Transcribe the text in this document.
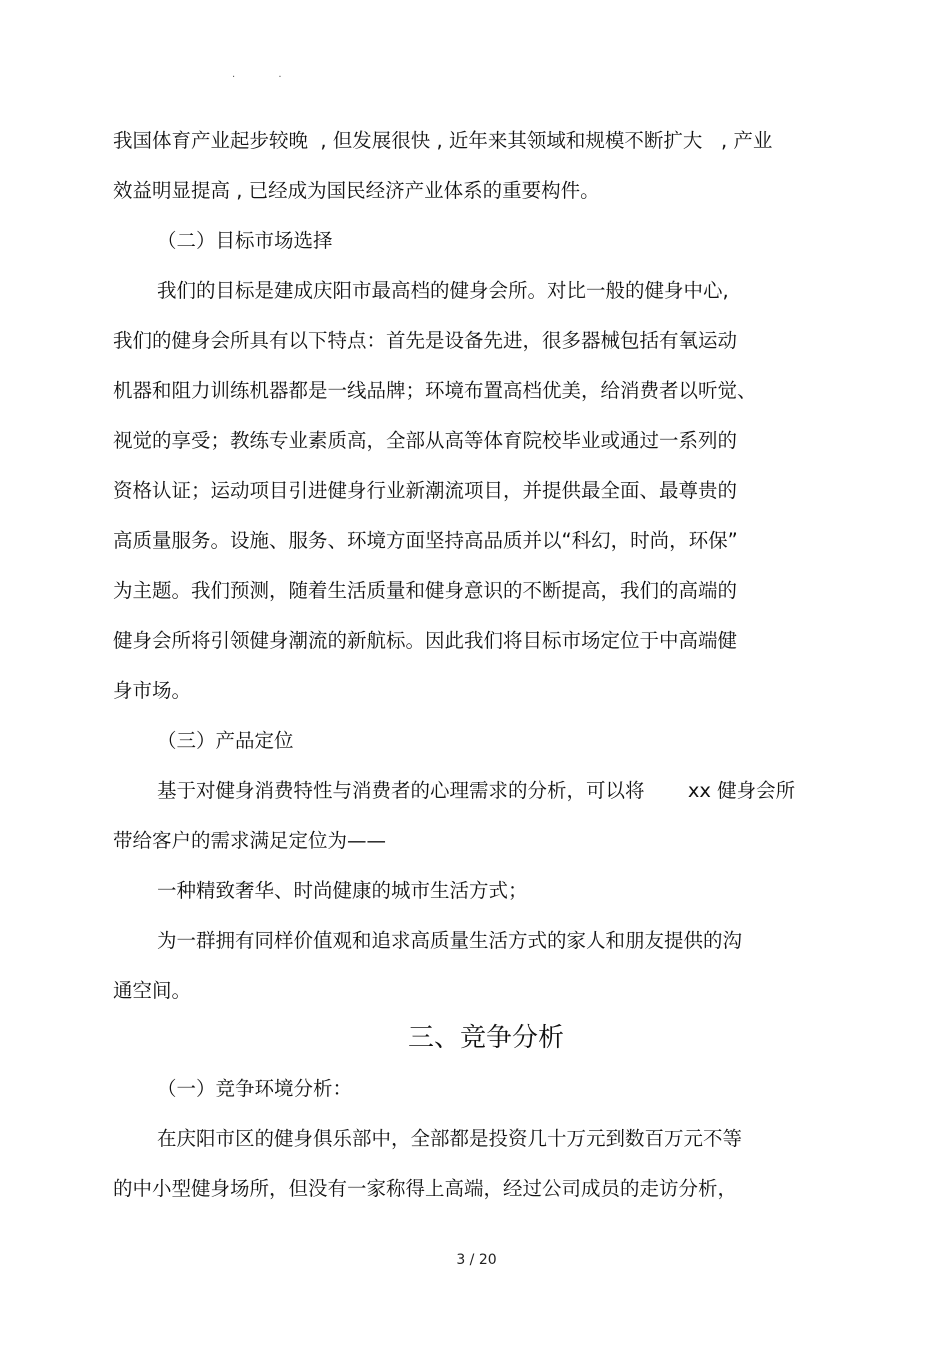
· ·
我国体育产业起步较晚  , 但发展很快 , 近年来其领域和规模不断扩大   , 产业
效益明显提高 , 已经成为国民经济产业体系的重要构件。
（二）目标市场选择
我们的目标是建成庆阳市最高档的健身会所。对比一般的健身中心,
我们的健身会所具有以下特点：首先是设备先进，很多器械包括有氧运动
机器和阻力训练机器都是一线品牌；环境布置高档优美，给消费者以听觉、
视觉的享受；教练专业素质高，全部从高等体育院校毕业或通过一系列的
资格认证；运动项目引进健身行业新潮流项目，并提供最全面、最尊贵的
高质量服务。设施、服务、环境方面坚持高品质并以“科幻，时尚，环保”
为主题。我们预测，随着生活质量和健身意识的不断提高，我们的高端的
健身会所将引领健身潮流的新航标。因此我们将目标市场定位于中高端健
身市场。
（三）产品定位
基于对健身消费特性与消费者的心理需求的分析，可以将       xx 健身会所
带给客户的需求满足定位为——
一种精致奢华、时尚健康的城市生活方式；
为一群拥有同样价值观和追求高质量生活方式的家人和朋友提供的沟
通空间。
三、竞争分析
（一）竞争环境分析：
在庆阳市区的健身俱乐部中，全部都是投资几十万元到数百万元不等
的中小型健身场所，但没有一家称得上高端，经过公司成员的走访分析，
3 / 20
